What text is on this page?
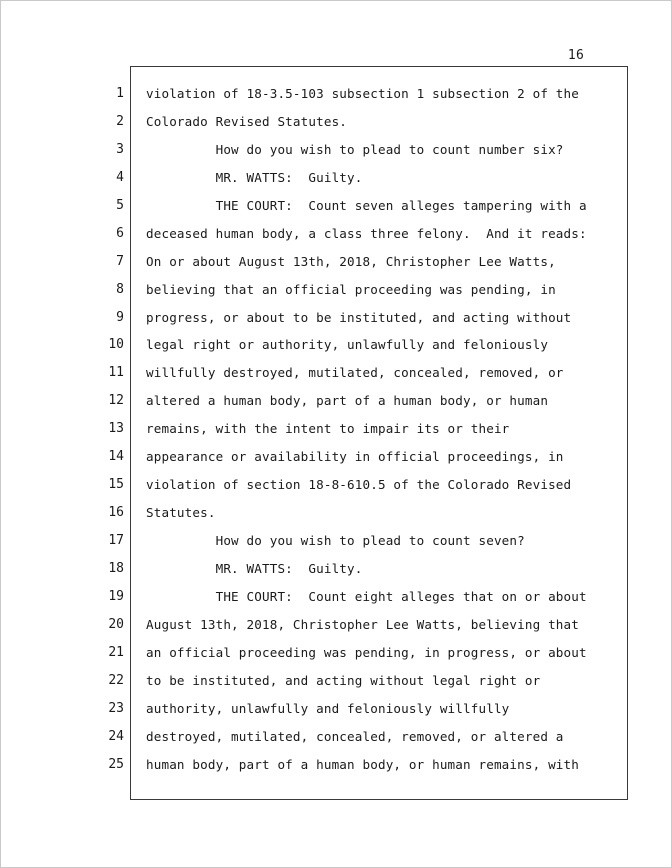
16
1
2
3
4
5
6
7
8
9
10
11
12
13
14
15
16
17
18
19
20
21
22
23
24
25
violation of 18-3.5-103 subsection 1 subsection 2 of the
Colorado Revised Statutes.
How do you wish to plead to count number six?
MR. WATTS:  Guilty.
THE COURT:  Count seven alleges tampering with a
deceased human body, a class three felony.  And it reads:
On or about August 13th, 2018, Christopher Lee Watts,
believing that an official proceeding was pending, in
progress, or about to be instituted, and acting without
legal right or authority, unlawfully and feloniously
willfully destroyed, mutilated, concealed, removed, or
altered a human body, part of a human body, or human
remains, with the intent to impair its or their
appearance or availability in official proceedings, in
violation of section 18-8-610.5 of the Colorado Revised
Statutes.
How do you wish to plead to count seven?
MR. WATTS:  Guilty.
THE COURT:  Count eight alleges that on or about
August 13th, 2018, Christopher Lee Watts, believing that
an official proceeding was pending, in progress, or about
to be instituted, and acting without legal right or
authority, unlawfully and feloniously willfully
destroyed, mutilated, concealed, removed, or altered a
human body, part of a human body, or human remains, with
